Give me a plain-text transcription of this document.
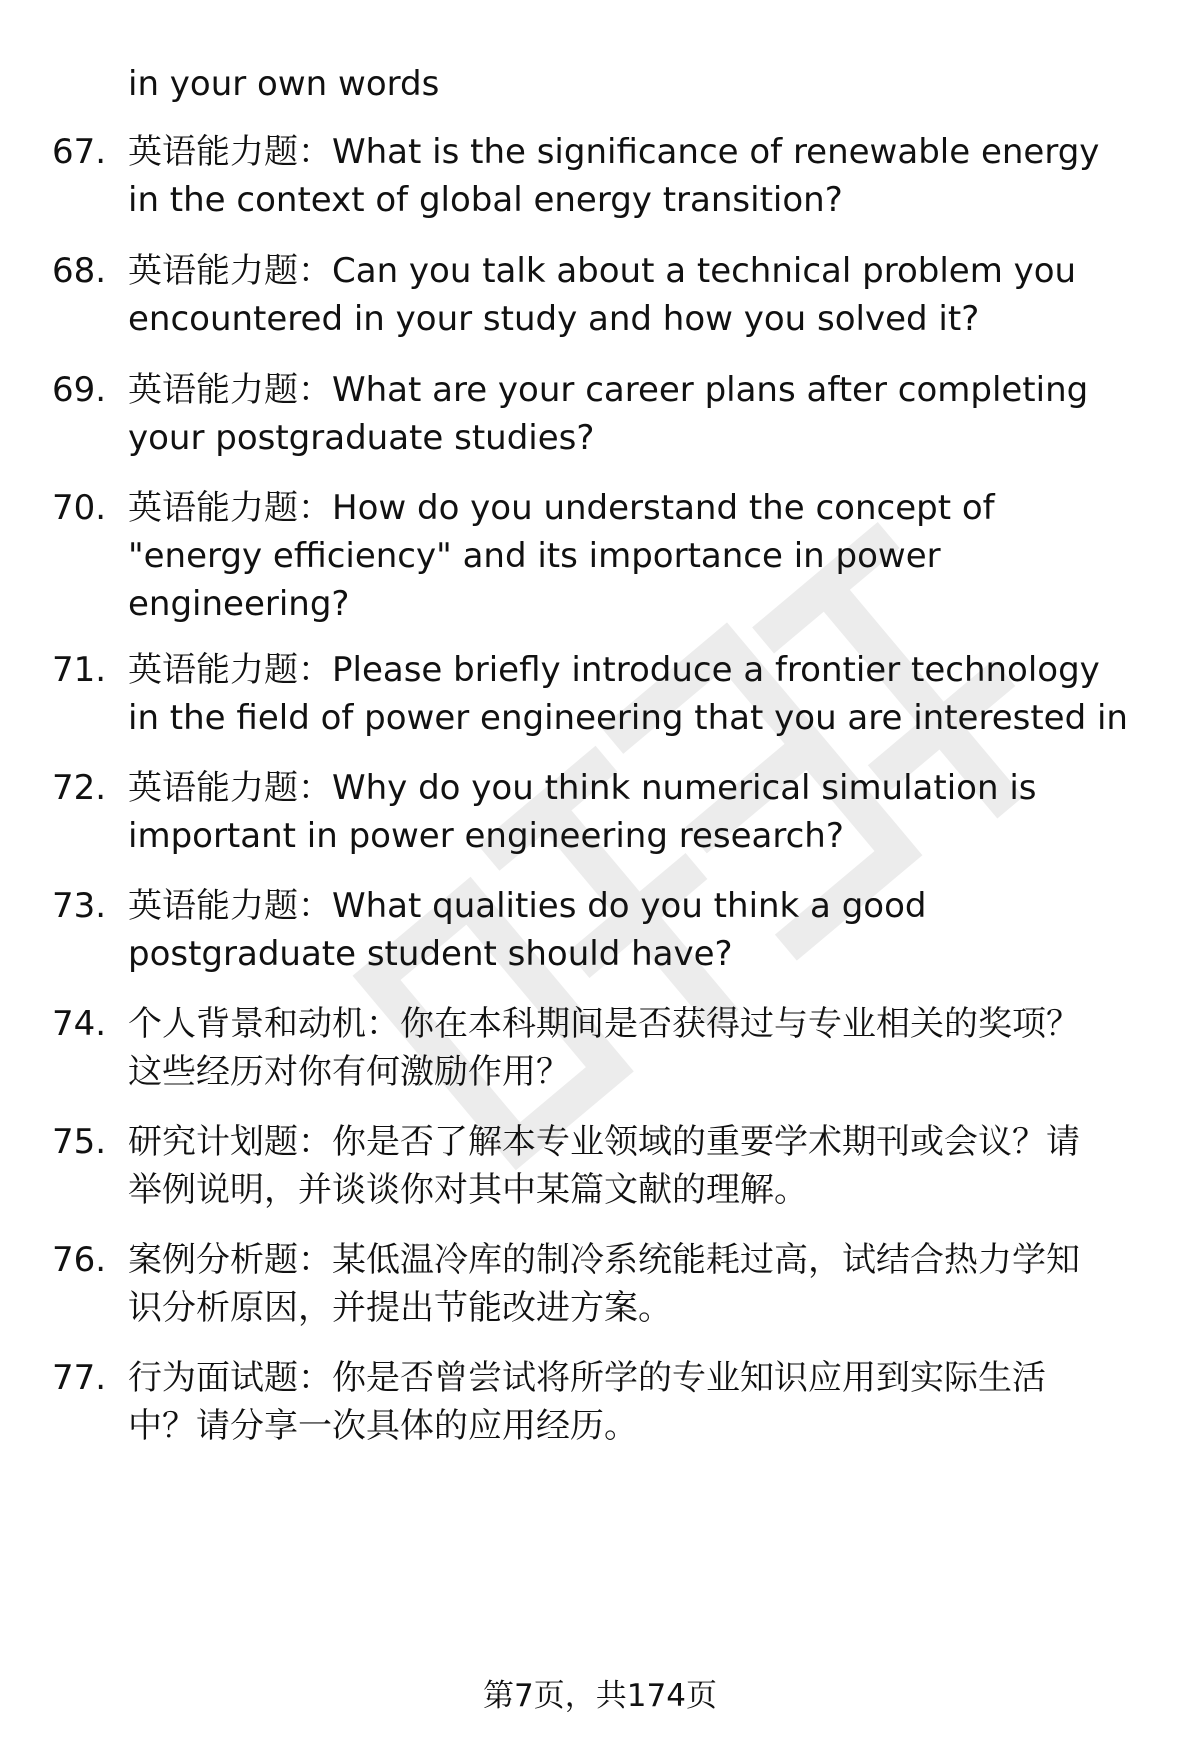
in your own words
67. 英语能力题：What is the significance of renewable energy
in the context of global energy transition?
68. 英语能力题：Can you talk about a technical problem you
encountered in your study and how you solved it?
69. 英语能力题：What are your career plans after completing
your postgraduate studies?
70. 英语能力题：How do you understand the concept of
"energy efficiency" and its importance in power
engineering?
71. 英语能力题：Please briefly introduce a frontier technology
in the field of power engineering that you are interested in
72. 英语能力题：Why do you think numerical simulation is
important in power engineering research?
73. 英语能力题：What qualities do you think a good
postgraduate student should have?
74. 个人背景和动机：你在本科期间是否获得过与专业相关的奖项？
这些经历对你有何激励作用？
75. 研究计划题：你是否了解本专业领域的重要学术期刊或会议？请
举例说明，并谈谈你对其中某篇文献的理解。
76. 案例分析题：某低温冷库的制冷系统能耗过高，试结合热力学知
识分析原因，并提出节能改进方案。
77. 行为面试题：你是否曾尝试将所学的专业知识应用到实际生活
中？请分享一次具体的应用经历。
第7页，共174页
